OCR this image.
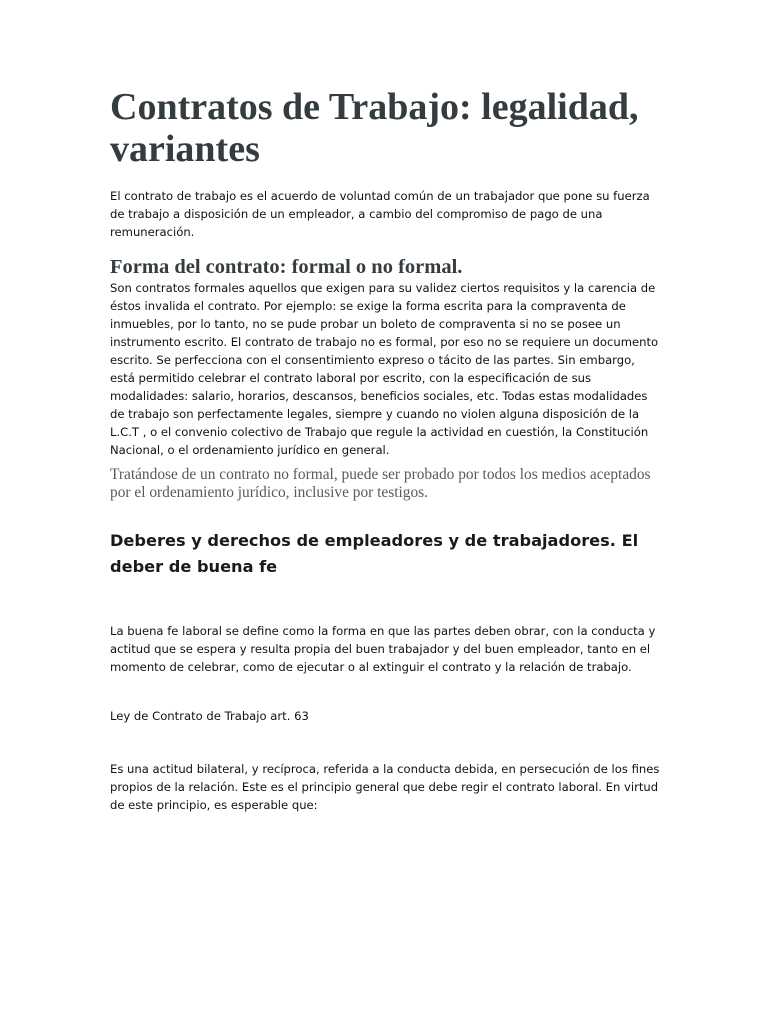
Contratos de Trabajo: legalidad, variantes

El contrato de trabajo es el acuerdo de voluntad común de un trabajador que pone su fuerza de trabajo a disposición de un empleador, a cambio del compromiso de pago de una remuneración.

Forma del contrato: formal o no formal.

Son contratos formales aquellos que exigen para su validez ciertos requisitos y la carencia de éstos invalida el contrato. Por ejemplo: se exige la forma escrita para la compraventa de inmuebles, por lo tanto, no se pude probar un boleto de compraventa si no se posee un instrumento escrito. El contrato de trabajo no es formal, por eso no se requiere un documento escrito. Se perfecciona con el consentimiento expreso o tácito de las partes. Sin embargo, está permitido celebrar el contrato laboral por escrito, con la especificación de sus modalidades: salario, horarios, descansos, beneficios sociales, etc. Todas estas modalidades de trabajo son perfectamente legales, siempre y cuando no violen alguna disposición de la L.C.T , o el convenio colectivo de Trabajo que regule la actividad en cuestión, la Constitución Nacional, o el ordenamiento jurídico en general.

Tratándose de un contrato no formal, puede ser probado por todos los medios aceptados por el ordenamiento jurídico, inclusive por testigos.

Deberes y derechos de empleadores y de trabajadores. El deber de buena fe

La buena fe laboral se define como la forma en que las partes deben obrar, con la conducta y actitud que se espera y resulta propia del buen trabajador y del buen empleador, tanto en el momento de celebrar, como de ejecutar o al extinguir el contrato y la relación de trabajo.

Ley de Contrato de Trabajo art. 63

Es una actitud bilateral, y recíproca, referida a la conducta debida, en persecución de los fines propios de la relación. Este es el principio general que debe regir el contrato laboral. En virtud de este principio, es esperable que:
